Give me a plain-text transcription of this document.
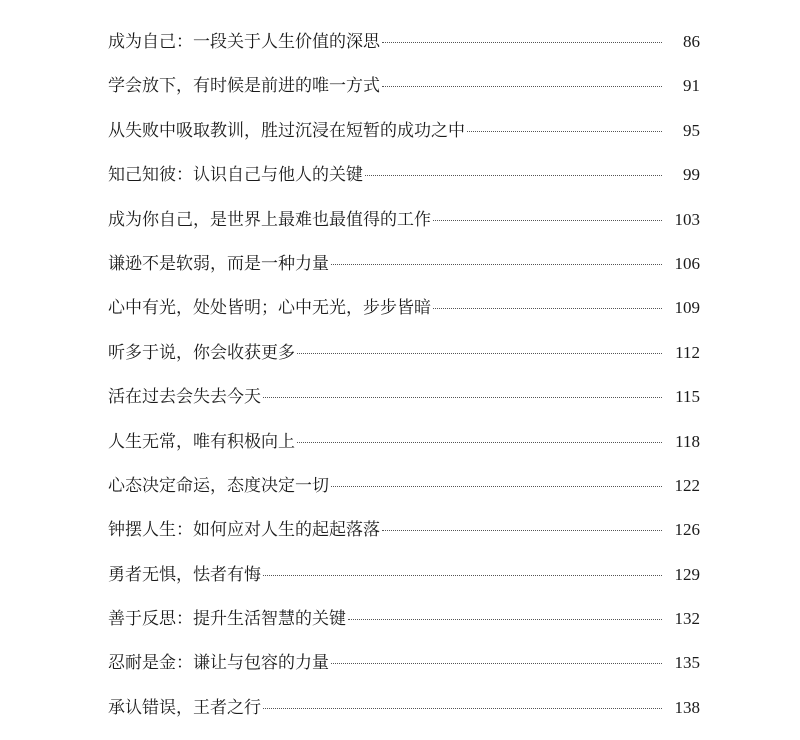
成为自己：一段关于人生价值的深思	86
学会放下，有时候是前进的唯一方式	91
从失败中吸取教训，胜过沉浸在短暂的成功之中	95
知己知彼：认识自己与他人的关键	99
成为你自己，是世界上最难也最值得的工作	103
谦逊不是软弱，而是一种力量	106
心中有光，处处皆明；心中无光，步步皆暗	109
听多于说，你会收获更多	112
活在过去会失去今天	115
人生无常，唯有积极向上	118
心态决定命运，态度决定一切	122
钟摆人生：如何应对人生的起起落落	126
勇者无惧，怯者有悔	129
善于反思：提升生活智慧的关键	132
忍耐是金：谦让与包容的力量	135
承认错误，王者之行	138
